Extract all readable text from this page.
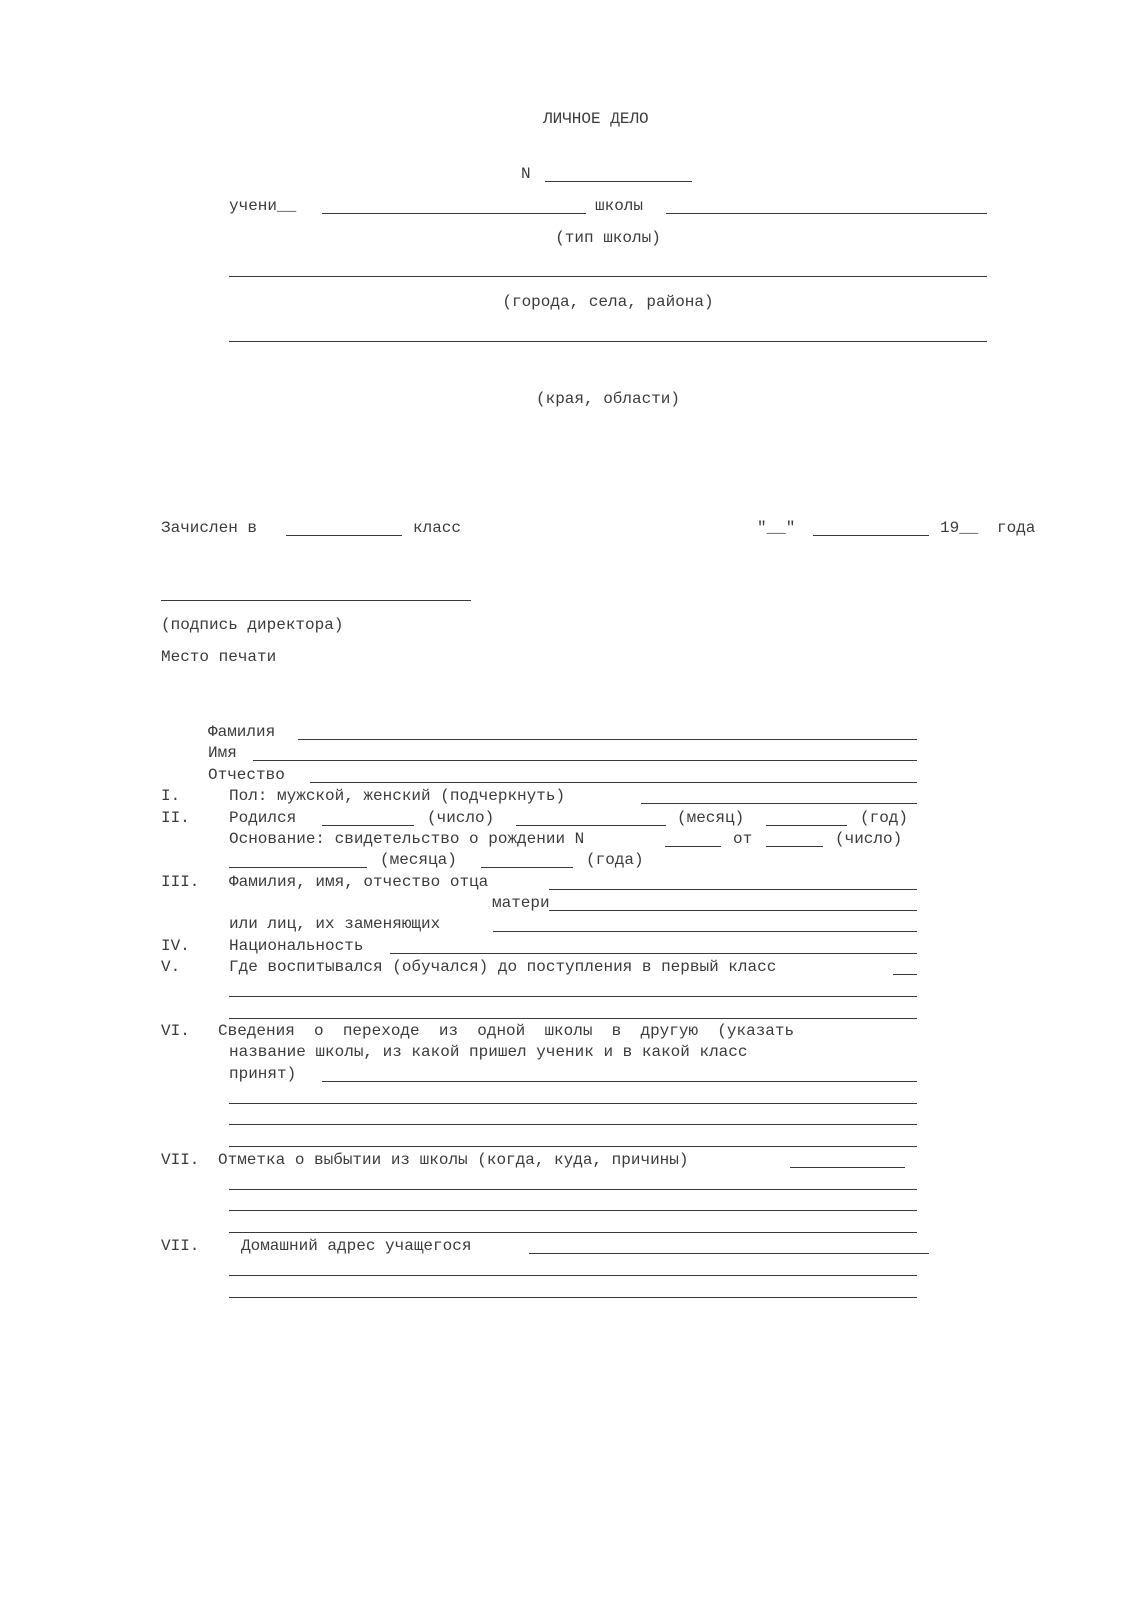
ЛИЧНОЕ ДЕЛО
N
учени__	школы
(тип школы)
(города, села, района)
(края, области)
Зачислен в	класс	"__"	19__ года
(подпись директора)
Место печати
Фамилия
Имя
Отчество
I.	Пол: мужской, женский (подчеркнуть)
II. Родился	(число)	(месяц)	(год)
Основание: свидетельство о рождении N	от	(число)
(месяца)	(года)
III. Фамилия, имя, отчество отца
матери
или лиц, их заменяющих
IV. Национальность
V.	Где воспитывался (обучался) до поступления в первый класс
VI. Сведения  о  переходе  из  одной  школы  в  другую  (указать
название школы, из какой пришел ученик и в какой класс
принят)
VII. Отметка о выбытии из школы (когда, куда, причины)
VII.	Домашний адрес учащегося
